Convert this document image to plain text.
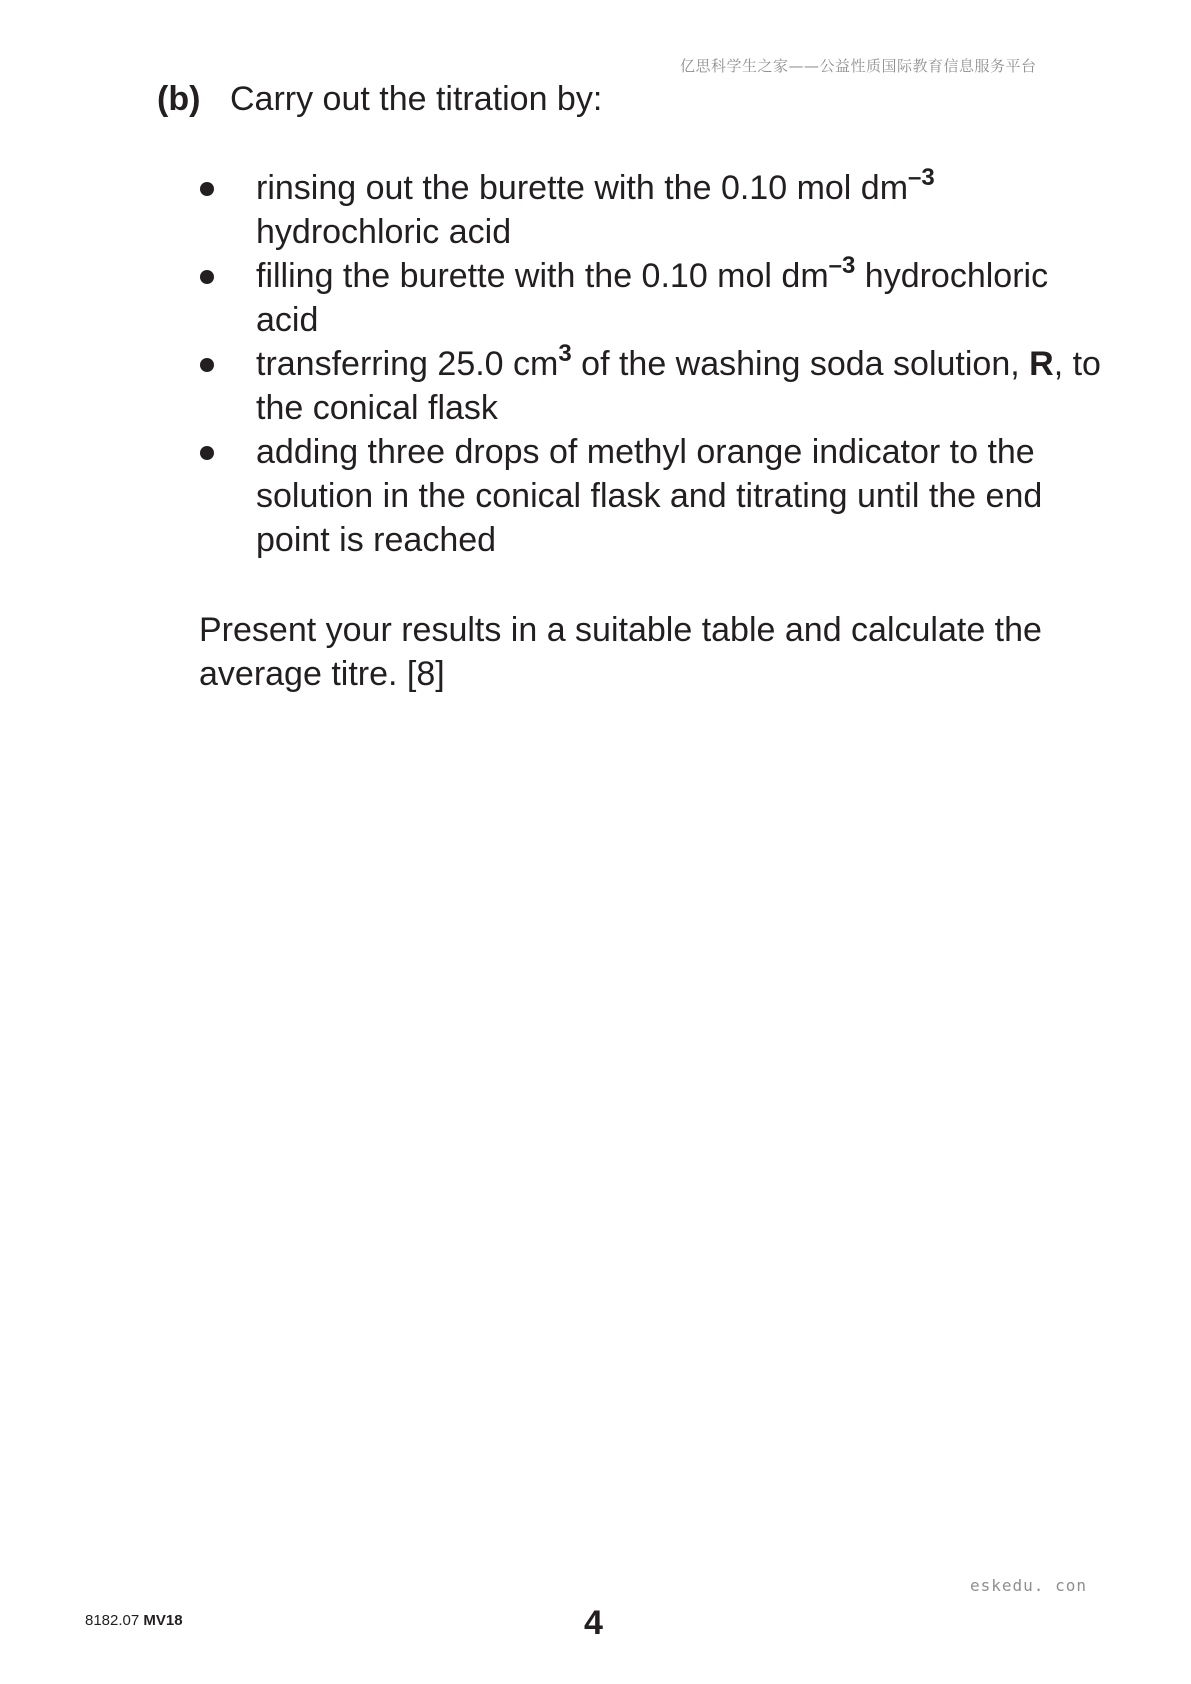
亿思科学生之家——公益性质国际教育信息服务平台
(b) Carry out the titration by:
rinsing out the burette with the 0.10 mol $dm^{-3}$ hydrochloric acid
filling the burette with the 0.10 mol $dm^{-3}$ hydrochloric acid
transferring 25.0 $cm^3$ of the washing soda solution, R, to the conical flask
adding three drops of methyl orange indicator to the solution in the conical flask and titrating until the end point is reached
Present your results in a suitable table and calculate the average titre. [8]
eskedu. con
8182.07 MV18	4
